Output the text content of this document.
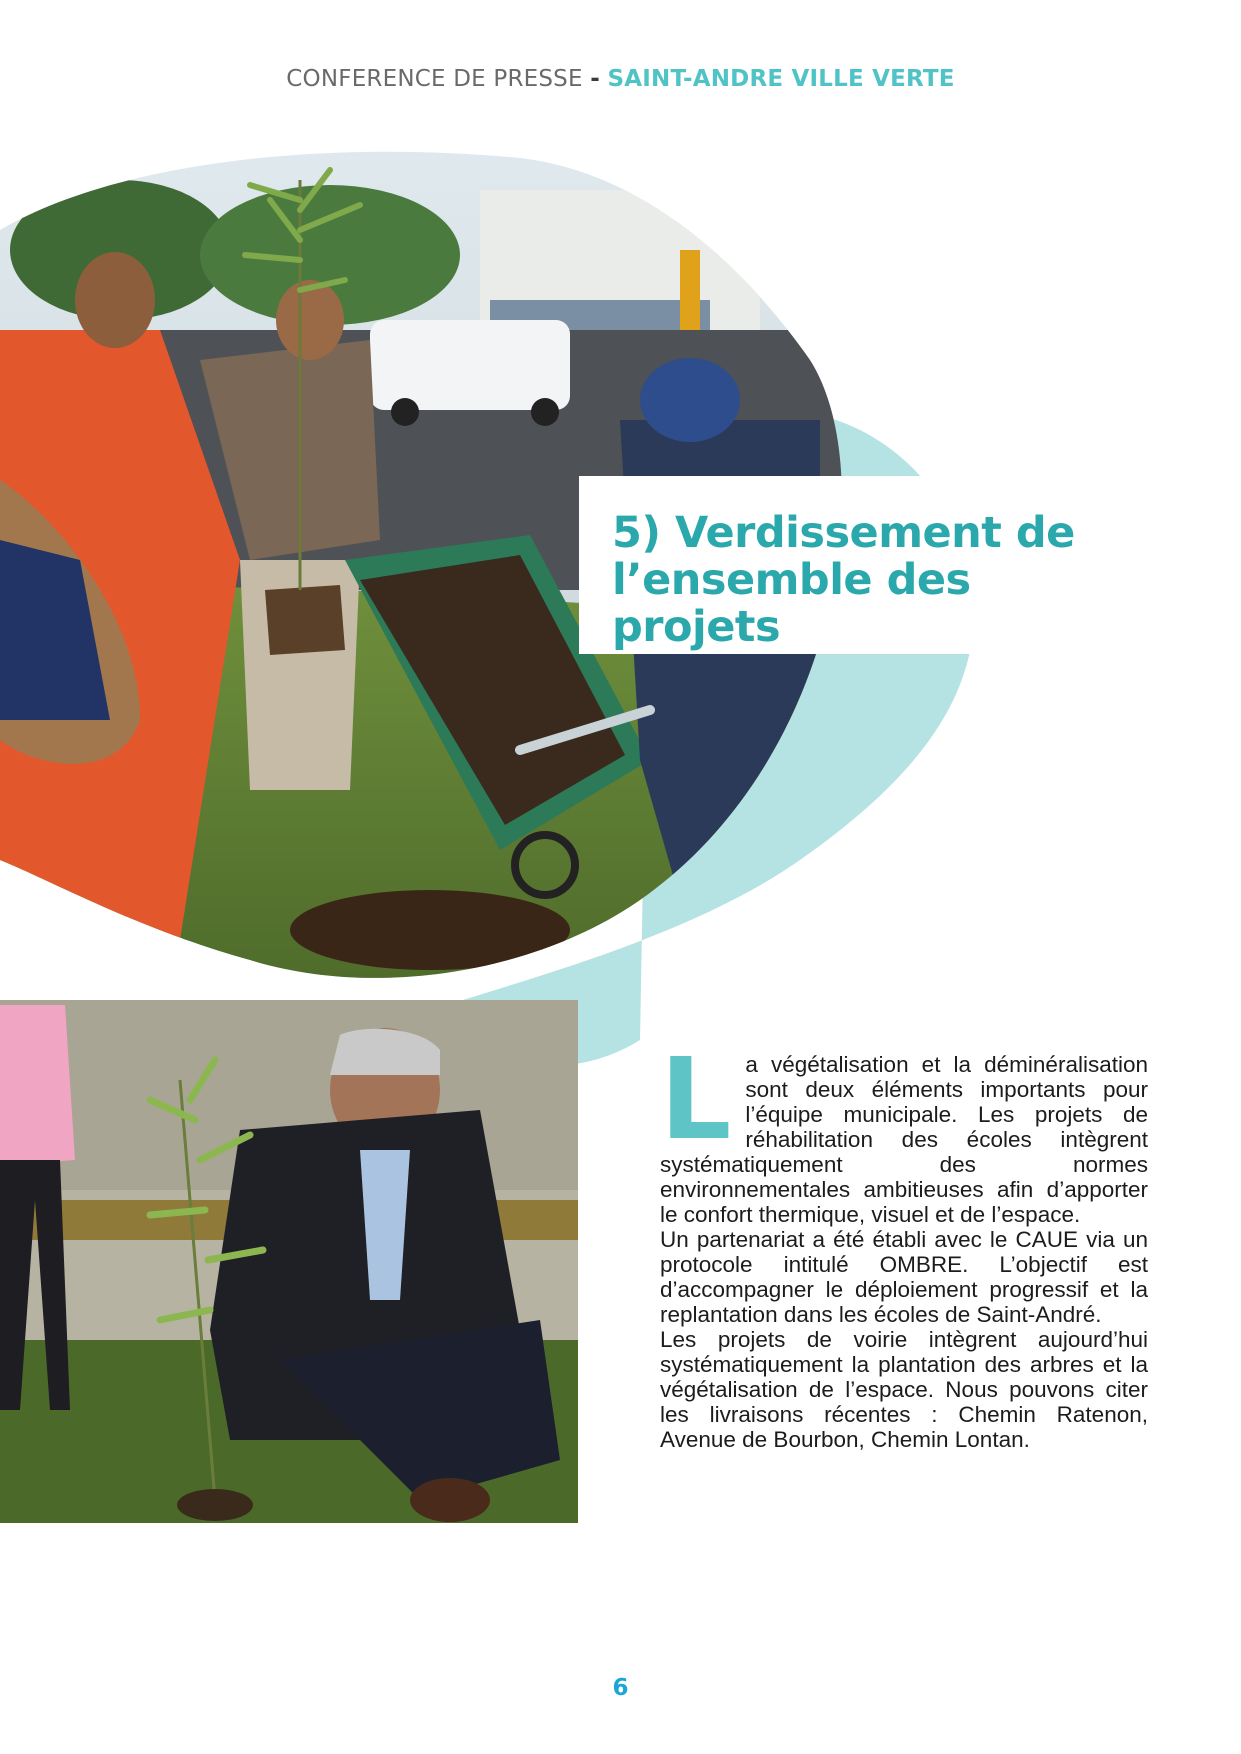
CONFERENCE DE PRESSE - SAINT-ANDRE VILLE VERTE
5) Verdissement de
l’ensemble des projets
L a végétalisation et la déminéralisation sont deux éléments importants pour l’équipe municipale. Les projets de réhabilitation des écoles intègrent systématiquement des normes environnementales ambitieuses afin d’apporter le confort thermique, visuel et de l’espace.

Un partenariat a été établi avec le CAUE via un protocole intitulé OMBRE. L’objectif est d’accompagner le déploiement progressif et la replantation dans les écoles de Saint-André.

Les projets de voirie intègrent aujourd’hui systématiquement la plantation des arbres et la végétalisation de l’espace. Nous pouvons citer les livraisons récentes : Chemin Ratenon, Avenue de Bourbon, Chemin Lontan.

6
